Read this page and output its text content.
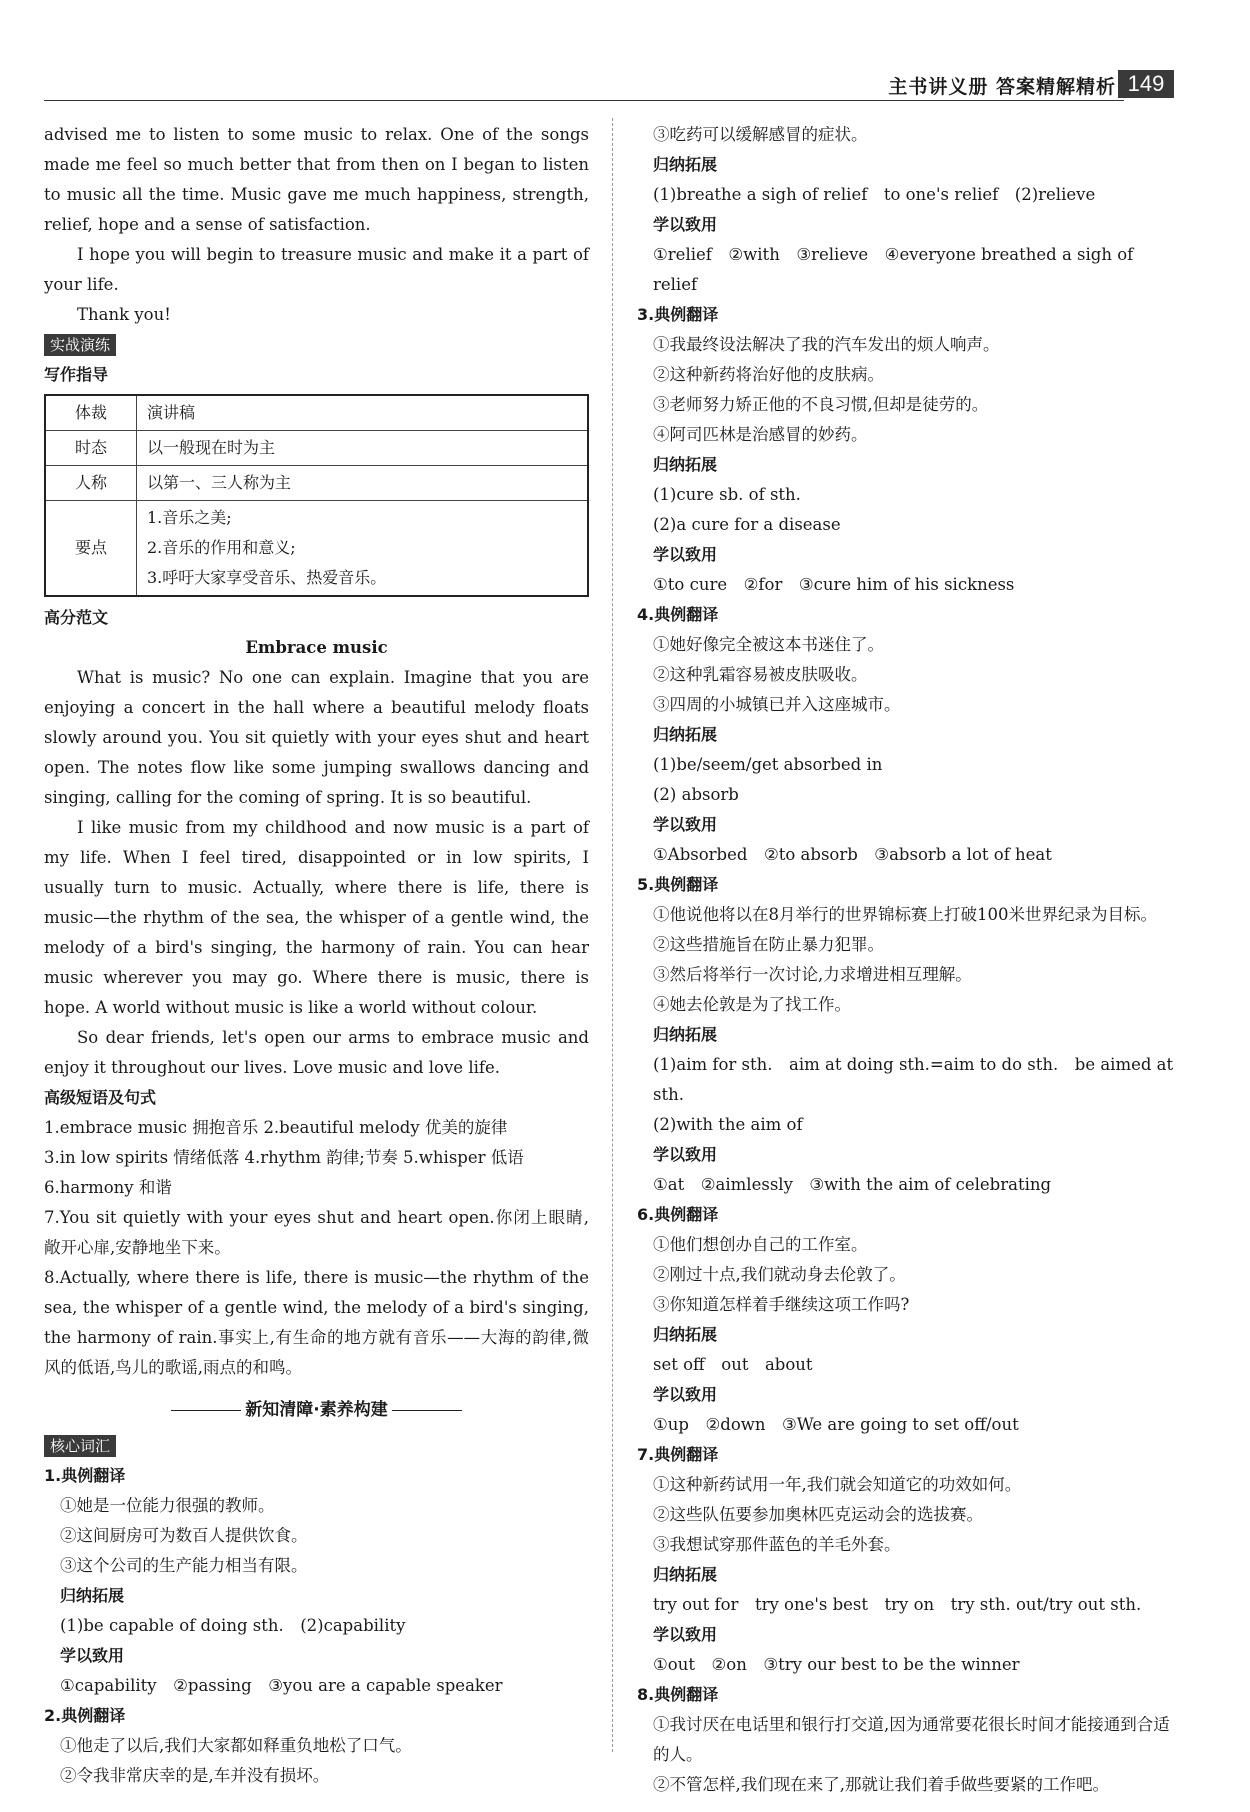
主书讲义册 答案精解精析 149

advised me to listen to some music to relax. One of the songs made me feel so much better that from then on I began to listen to music all the time. Music gave me much happiness, strength, relief, hope and a sense of satisfaction.

I hope you will begin to treasure music and make it a part of your life.

Thank you!

实战演练
写作指导
体裁	演讲稿
时态	以一般现在时为主
人称	以第一、三人称为主
要点	1.音乐之美;
2.音乐的作用和意义;
3.呼吁大家享受音乐、热爱音乐。
高分范文
Embrace music

What is music? No one can explain. Imagine that you are enjoying a concert in the hall where a beautiful melody floats slowly around you. You sit quietly with your eyes shut and heart open. The notes flow like some jumping swallows dancing and singing, calling for the coming of spring. It is so beautiful.

I like music from my childhood and now music is a part of my life. When I feel tired, disappointed or in low spirits, I usually turn to music. Actually, where there is life, there is music—the rhythm of the sea, the whisper of a gentle wind, the melody of a bird's singing, the harmony of rain. You can hear music wherever you may go. Where there is music, there is hope. A world without music is like a world without colour.

So dear friends, let's open our arms to embrace music and enjoy it throughout our lives. Love music and love life.

高级短语及句式

1.embrace music 拥抱音乐 2.beautiful melody 优美的旋律

3.in low spirits 情绪低落 4.rhythm 韵律;节奏 5.whisper 低语

6.harmony 和谐

7.You sit quietly with your eyes shut and heart open.你闭上眼睛,敞开心扉,安静地坐下来。

8.Actually, where there is life, there is music—the rhythm of the sea, the whisper of a gentle wind, the melody of a bird's singing, the harmony of rain.事实上,有生命的地方就有音乐——大海的韵律,微风的低语,鸟儿的歌谣,雨点的和鸣。

新知清障·素养构建
核心词汇
1.典例翻译

①她是一位能力很强的教师。

②这间厨房可为数百人提供饮食。

③这个公司的生产能力相当有限。

归纳拓展

(1)be capable of doing sth.　(2)capability

学以致用

①capability　②passing　③you are a capable speaker

2.典例翻译

①他走了以后,我们大家都如释重负地松了口气。

②令我非常庆幸的是,车并没有损坏。

③吃药可以缓解感冒的症状。

归纳拓展

(1)breathe a sigh of relief　to one's relief　(2)relieve

学以致用

①relief　②with　③relieve　④everyone breathed a sigh of relief

3.典例翻译

①我最终设法解决了我的汽车发出的烦人响声。

②这种新药将治好他的皮肤病。

③老师努力矫正他的不良习惯,但却是徒劳的。

④阿司匹林是治感冒的妙药。

归纳拓展

(1)cure sb. of sth.

(2)a cure for a disease

学以致用

①to cure　②for　③cure him of his sickness

4.典例翻译

①她好像完全被这本书迷住了。

②这种乳霜容易被皮肤吸收。

③四周的小城镇已并入这座城市。

归纳拓展

(1)be/seem/get absorbed in

(2) absorb

学以致用

①Absorbed　②to absorb　③absorb a lot of heat

5.典例翻译

①他说他将以在8月举行的世界锦标赛上打破100米世界纪录为目标。

②这些措施旨在防止暴力犯罪。

③然后将举行一次讨论,力求增进相互理解。

④她去伦敦是为了找工作。

归纳拓展

(1)aim for sth.　aim at doing sth.=aim to do sth.　be aimed at sth.

(2)with the aim of

学以致用

①at　②aimlessly　③with the aim of celebrating

6.典例翻译

①他们想创办自己的工作室。

②刚过十点,我们就动身去伦敦了。

③你知道怎样着手继续这项工作吗?

归纳拓展

set off　out　about

学以致用

①up　②down　③We are going to set off/out

7.典例翻译

①这种新药试用一年,我们就会知道它的功效如何。

②这些队伍要参加奥林匹克运动会的选拔赛。

③我想试穿那件蓝色的羊毛外套。

归纳拓展

try out for　try one's best　try on　try sth. out/try out sth.

学以致用

①out　②on　③try our best to be the winner

8.典例翻译

①我讨厌在电话里和银行打交道,因为通常要花很长时间才能接通到合适的人。

②不管怎样,我们现在来了,那就让我们着手做些要紧的工作吧。
